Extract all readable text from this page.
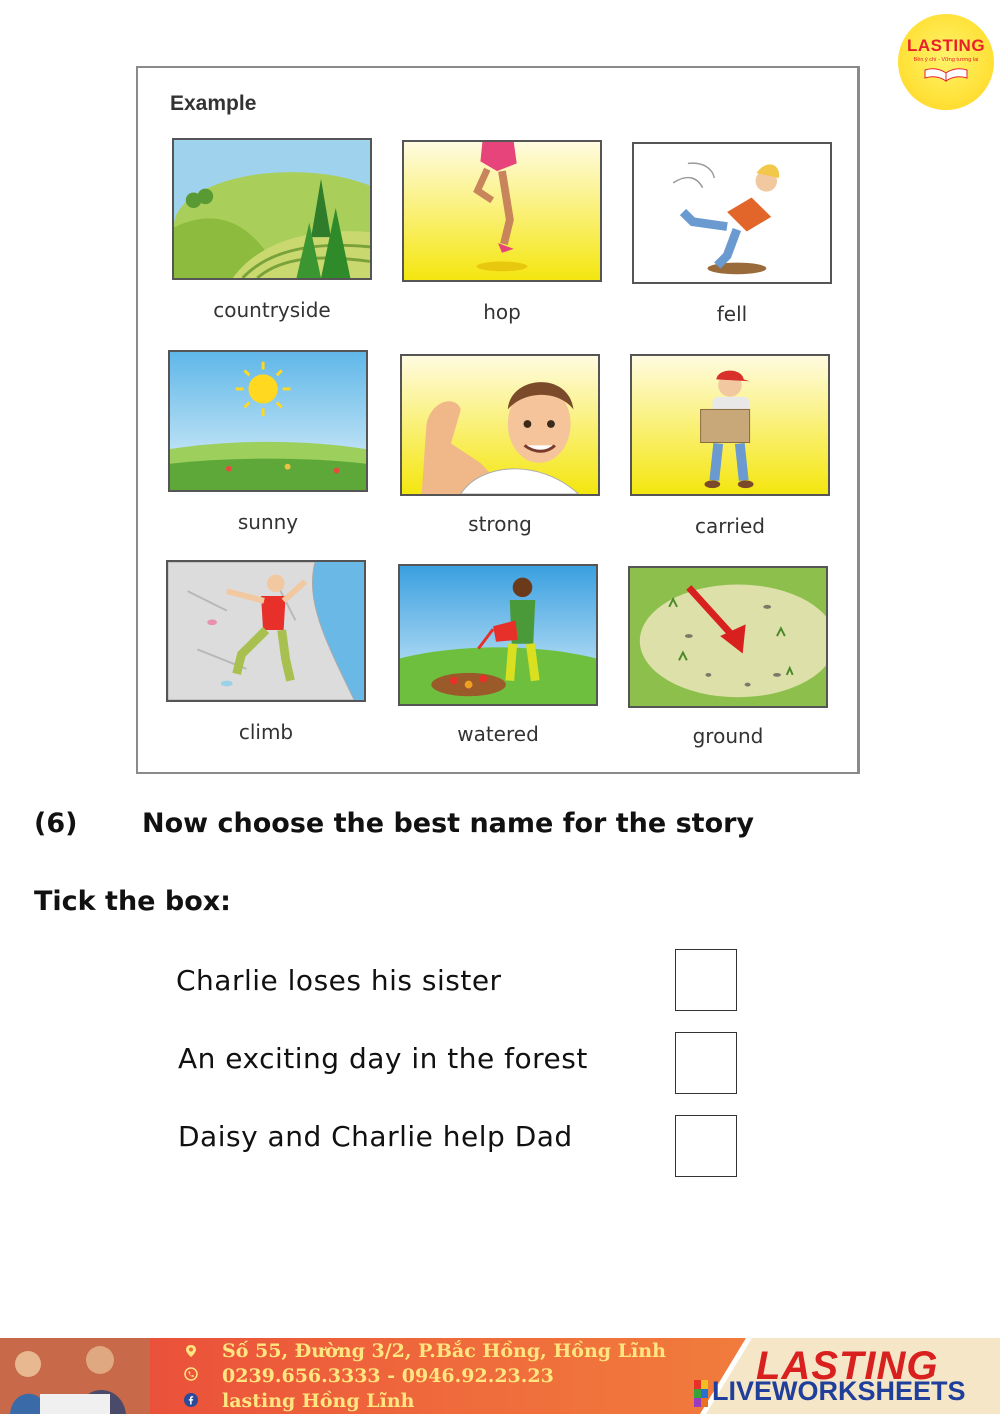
LASTING
Bền ý chí - Vững tương lai
Example
countryside	hop	fell
sunny	strong	carried
climb	watered	ground
(6) Now choose the best name for the story
Tick the box:
Charlie loses his sister
An exciting day in the forest
Daisy and Charlie help Dad
Số 55, Đường 3/2, P.Bắc Hồng, Hồng Lĩnh
0239.656.3333 - 0946.92.23.23
lasting Hồng Lĩnh
LASTING
LIVEWORKSHEETS
